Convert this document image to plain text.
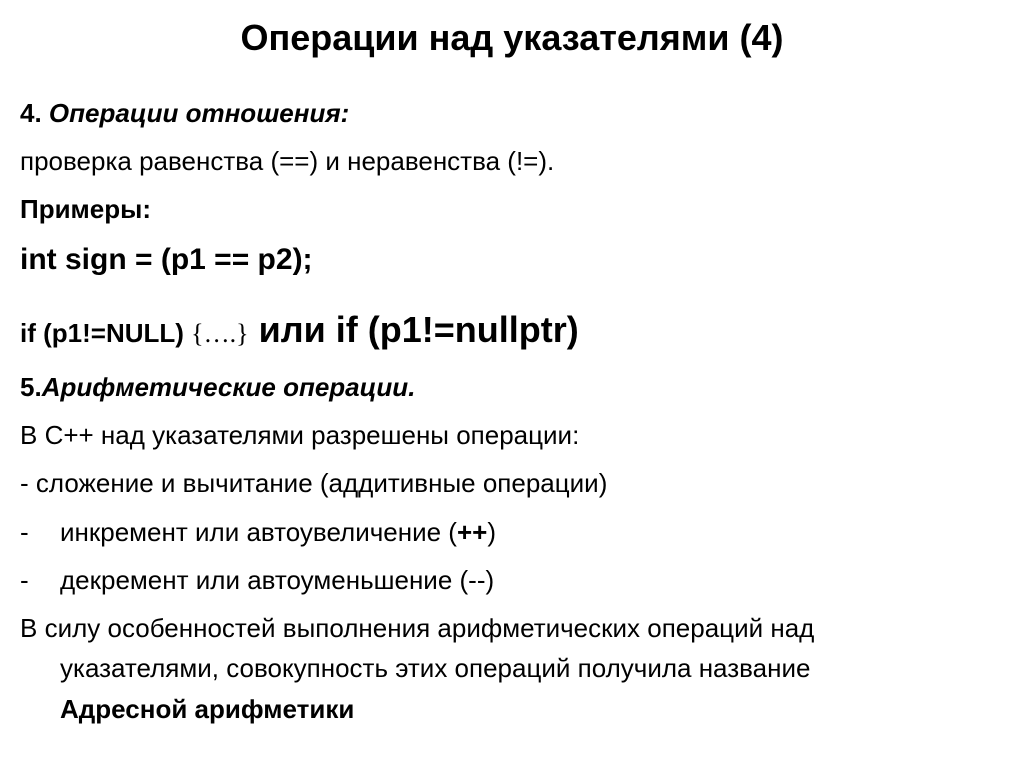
Операции над указателями (4)
4. Операции отношения:
проверка равенства (==) и неравенства (!=).
Примеры:
int sign = (p1 == p2);
if (p1!=NULL) {….} или if (p1!=nullptr)
5.Арифметические операции.
В С++ над указателями разрешены операции:
- сложение и вычитание (аддитивные операции)
- инкремент или автоувеличение (++)
- декремент или автоуменьшение (--)
В силу особенностей выполнения арифметических операций над
указателями, совокупность этих операций получила название
Адресной арифметики
